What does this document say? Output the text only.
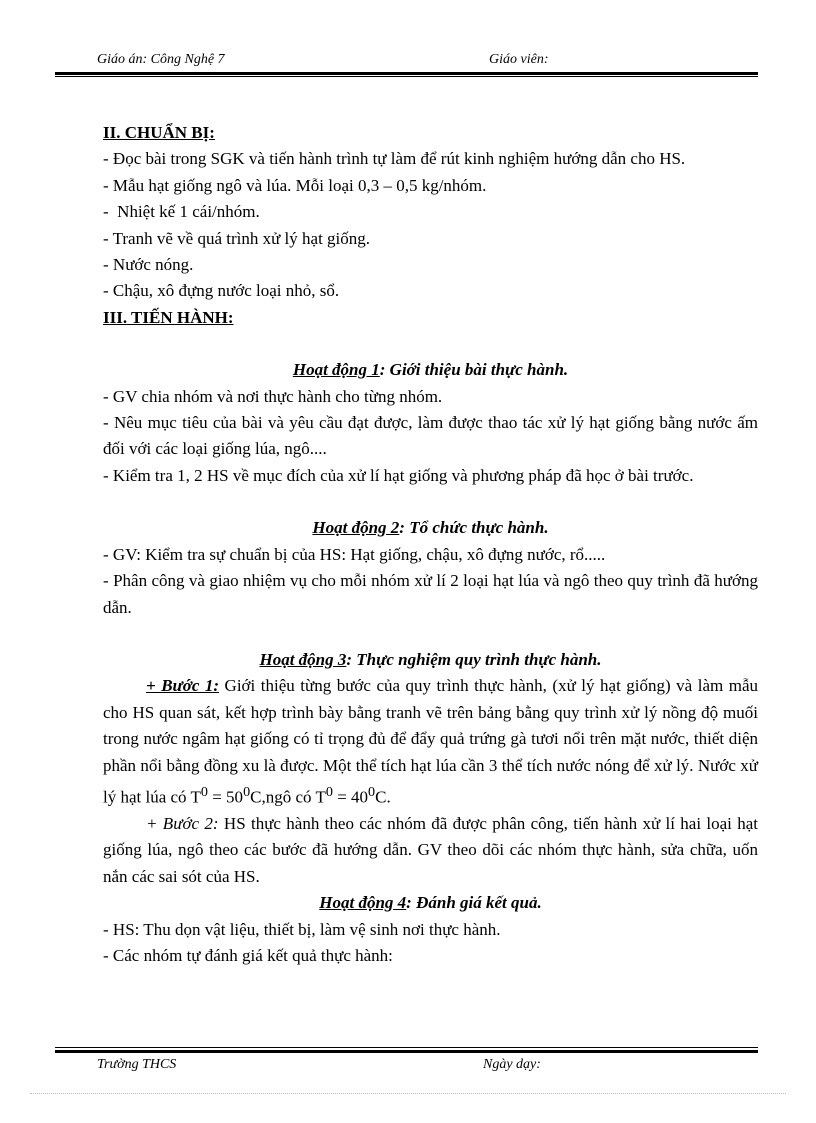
Giáo án: Công Nghệ 7	Giáo viên:

II. CHUẨN BỊ:

- Đọc bài trong SGK và tiến hành trình tự làm để rút kinh nghiệm hướng dẫn cho HS.

- Mẫu hạt giống ngô và lúa. Mỗi loại 0,3 – 0,5 kg/nhóm.

-  Nhiệt kế 1 cái/nhóm.

- Tranh vẽ về quá trình xử lý hạt giống.

- Nước nóng.

- Chậu, xô đựng nước loại nhỏ, sổ.

III. TIẾN HÀNH:

Hoạt động 1: Giới thiệu bài thực hành.

- GV chia nhóm và nơi thực hành cho từng nhóm.

- Nêu mục tiêu của bài và yêu cầu đạt được, làm được thao tác xử lý hạt giống bằng nước ấm đối với các loại giống lúa, ngô....

- Kiểm tra 1, 2 HS về mục đích của xử lí hạt giống và phương pháp đã học ở bài trước.

Hoạt động 2: Tổ chức thực hành.

- GV: Kiểm tra sự chuẩn bị của HS: Hạt giống, chậu, xô đựng nước, rổ.....

- Phân công và giao nhiệm vụ cho mỗi nhóm xử lí 2 loại hạt lúa và ngô theo quy trình đã hướng dẫn.

Hoạt động 3: Thực nghiệm quy trình thực hành.

+ Bước 1: Giới thiệu từng bước của quy trình thực hành, (xử lý hạt giống) và làm mẫu cho HS quan sát, kết hợp trình bày bằng tranh vẽ trên bảng bằng quy trình xử lý nồng độ muối trong nước ngâm hạt giống có tỉ trọng đủ để đẩy quả trứng gà tươi nổi trên mặt nước, thiết diện phần nổi bằng đồng xu là được. Một thể tích hạt lúa cần 3 thể tích nước nóng để xử lý. Nước xử lý hạt lúa có $T^0$ = $50^0C,ngô$ có $T^0 = 40^0C$.

+ Bước 2: HS thực hành theo các nhóm đã được phân công, tiến hành xử lí hai loại hạt giống lúa, ngô theo các bước đã hướng dẫn. GV theo dõi các nhóm thực hành, sửa chữa, uốn nắn các sai sót của HS.

Hoạt động 4: Đánh giá kết quả.

- HS: Thu dọn vật liệu, thiết bị, làm vệ sinh nơi thực hành.

- Các nhóm tự đánh giá kết quả thực hành:

Trường THCS	Ngày dạy:
